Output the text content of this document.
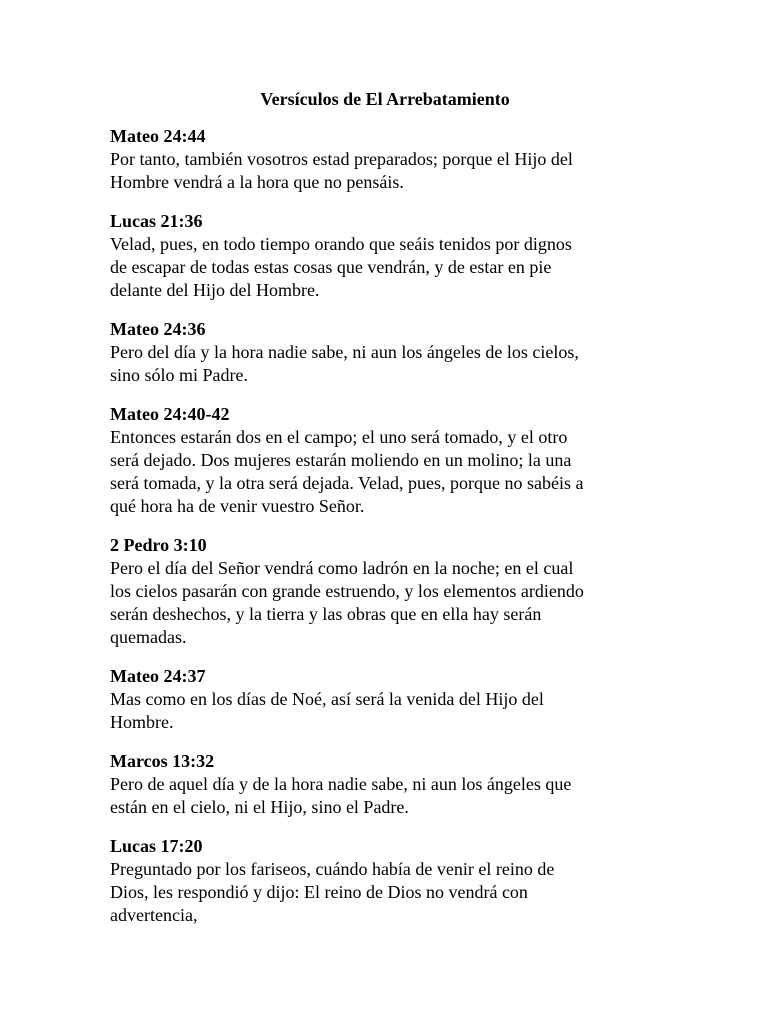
Versículos de El Arrebatamiento

Mateo 24:44

Por tanto, también vosotros estad preparados; porque el Hijo del

Hombre vendrá a la hora que no pensáis.

Lucas 21:36

Velad, pues, en todo tiempo orando que seáis tenidos por dignos

de escapar de todas estas cosas que vendrán, y de estar en pie

delante del Hijo del Hombre.

Mateo 24:36

Pero del día y la hora nadie sabe, ni aun los ángeles de los cielos,

sino sólo mi Padre.

Mateo 24:40-42

Entonces estarán dos en el campo; el uno será tomado, y el otro

será dejado. Dos mujeres estarán moliendo en un molino; la una

será tomada, y la otra será dejada. Velad, pues, porque no sabéis a

qué hora ha de venir vuestro Señor.

2 Pedro 3:10

Pero el día del Señor vendrá como ladrón en la noche; en el cual

los cielos pasarán con grande estruendo, y los elementos ardiendo

serán deshechos, y la tierra y las obras que en ella hay serán

quemadas.

Mateo 24:37

Mas como en los días de Noé, así será la venida del Hijo del

Hombre.

Marcos 13:32

Pero de aquel día y de la hora nadie sabe, ni aun los ángeles que

están en el cielo, ni el Hijo, sino el Padre.

Lucas 17:20

Preguntado por los fariseos, cuándo había de venir el reino de

Dios, les respondió y dijo: El reino de Dios no vendrá con

advertencia,
